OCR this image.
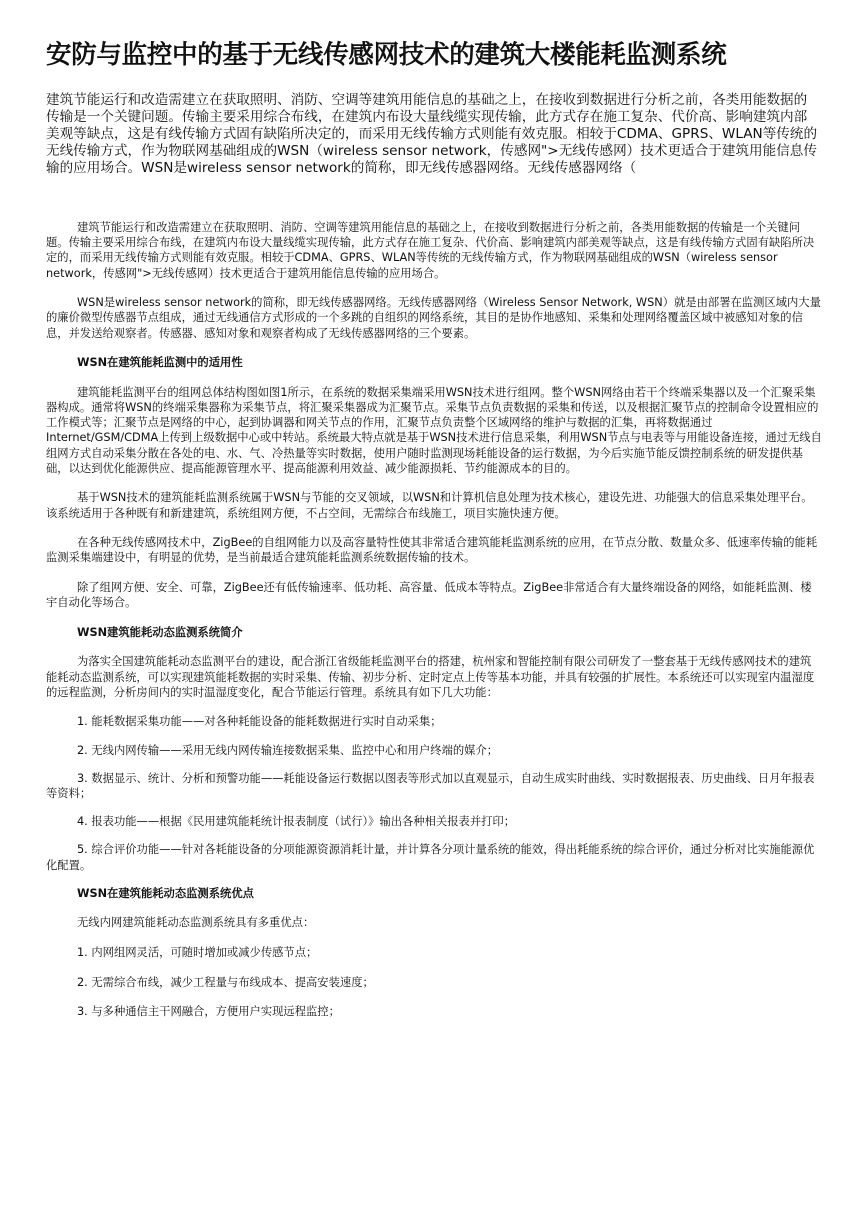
安防与监控中的基于无线传感网技术的建筑大楼能耗监测系统

建筑节能运行和改造需建立在获取照明、消防、空调等建筑用能信息的基础之上，在接收到数据进行分析之前，各类用能数据的传输是一个关键问题。传输主要采用综合布线，在建筑内布设大量线缆实现传输，此方式存在施工复杂、代价高、影响建筑内部美观等缺点，这是有线传输方式固有缺陷所决定的，而采用无线传输方式则能有效克服。相较于CDMA、GPRS、WLAN等传统的无线传输方式，作为物联网基础组成的WSN（wireless sensor network，传感网">无线传感网）技术更适合于建筑用能信息传输的应用场合。WSN是wireless sensor network的简称，即无线传感器网络。无线传感器网络（

建筑节能运行和改造需建立在获取照明、消防、空调等建筑用能信息的基础之上，在接收到数据进行分析之前，各类用能数据的传输是一个关键问题。传输主要采用综合布线，在建筑内布设大量线缆实现传输，此方式存在施工复杂、代价高、影响建筑内部美观等缺点，这是有线传输方式固有缺陷所决定的，而采用无线传输方式则能有效克服。相较于CDMA、GPRS、WLAN等传统的无线传输方式，作为物联网基础组成的WSN（wireless sensor network，传感网">无线传感网）技术更适合于建筑用能信息传输的应用场合。

WSN是wireless sensor network的简称，即无线传感器网络。无线传感器网络（Wireless Sensor Network, WSN）就是由部署在监测区域内大量的廉价微型传感器节点组成，通过无线通信方式形成的一个多跳的自组织的网络系统，其目的是协作地感知、采集和处理网络覆盖区域中被感知对象的信息，并发送给观察者。传感器、感知对象和观察者构成了无线传感器网络的三个要素。

WSN在建筑能耗监测中的适用性

建筑能耗监测平台的组网总体结构图如图1所示，在系统的数据采集端采用WSN技术进行组网。整个WSN网络由若干个终端采集器以及一个汇聚采集器构成。通常将WSN的终端采集器称为采集节点，将汇聚采集器成为汇聚节点。采集节点负责数据的采集和传送，以及根据汇聚节点的控制命令设置相应的工作模式等；汇聚节点是网络的中心，起到协调器和网关节点的作用，汇聚节点负责整个区域网络的维护与数据的汇集，再将数据通过Internet/GSM/CDMA上传到上级数据中心或中转站。系统最大特点就是基于WSN技术进行信息采集，利用WSN节点与电表等与用能设备连接，通过无线自组网方式自动采集分散在各处的电、水、气、冷热量等实时数据，使用户随时监测现场耗能设备的运行数据，为今后实施节能反馈控制系统的研发提供基础，以达到优化能源供应、提高能源管理水平、提高能源利用效益、减少能源损耗、节约能源成本的目的。

基于WSN技术的建筑能耗监测系统属于WSN与节能的交叉领域，以WSN和计算机信息处理为技术核心，建设先进、功能强大的信息采集处理平台。该系统适用于各种既有和新建建筑，系统组网方便，不占空间，无需综合布线施工，项目实施快速方便。

在各种无线传感网技术中，ZigBee的自组网能力以及高容量特性使其非常适合建筑能耗监测系统的应用，在节点分散、数量众多、低速率传输的能耗监测采集端建设中，有明显的优势，是当前最适合建筑能耗监测系统数据传输的技术。

除了组网方便、安全、可靠，ZigBee还有低传输速率、低功耗、高容量、低成本等特点。ZigBee非常适合有大量终端设备的网络，如能耗监测、楼宇自动化等场合。

WSN建筑能耗动态监测系统简介

为落实全国建筑能耗动态监测平台的建设，配合浙江省级能耗监测平台的搭建，杭州家和智能控制有限公司研发了一整套基于无线传感网技术的建筑能耗动态监测系统，可以实现建筑能耗数据的实时采集、传输、初步分析、定时定点上传等基本功能，并具有较强的扩展性。本系统还可以实现室内温湿度的远程监测，分析房间内的实时温湿度变化，配合节能运行管理。系统具有如下几大功能：

1. 能耗数据采集功能——对各种耗能设备的能耗数据进行实时自动采集；

2. 无线内网传输——采用无线内网传输连接数据采集、监控中心和用户终端的媒介；

3. 数据显示、统计、分析和预警功能——耗能设备运行数据以图表等形式加以直观显示，自动生成实时曲线、实时数据报表、历史曲线、日月年报表等资料；

4. 报表功能——根据《民用建筑能耗统计报表制度（试行）》输出各种相关报表并打印；

5. 综合评价功能——针对各耗能设备的分项能源资源消耗计量，并计算各分项计量系统的能效，得出耗能系统的综合评价，通过分析对比实施能源优化配置。

WSN在建筑能耗动态监测系统优点

无线内网建筑能耗动态监测系统具有多重优点：

1. 内网组网灵活，可随时增加或减少传感节点；

2. 无需综合布线，减少工程量与布线成本、提高安装速度；

3. 与多种通信主干网融合，方便用户实现远程监控；
